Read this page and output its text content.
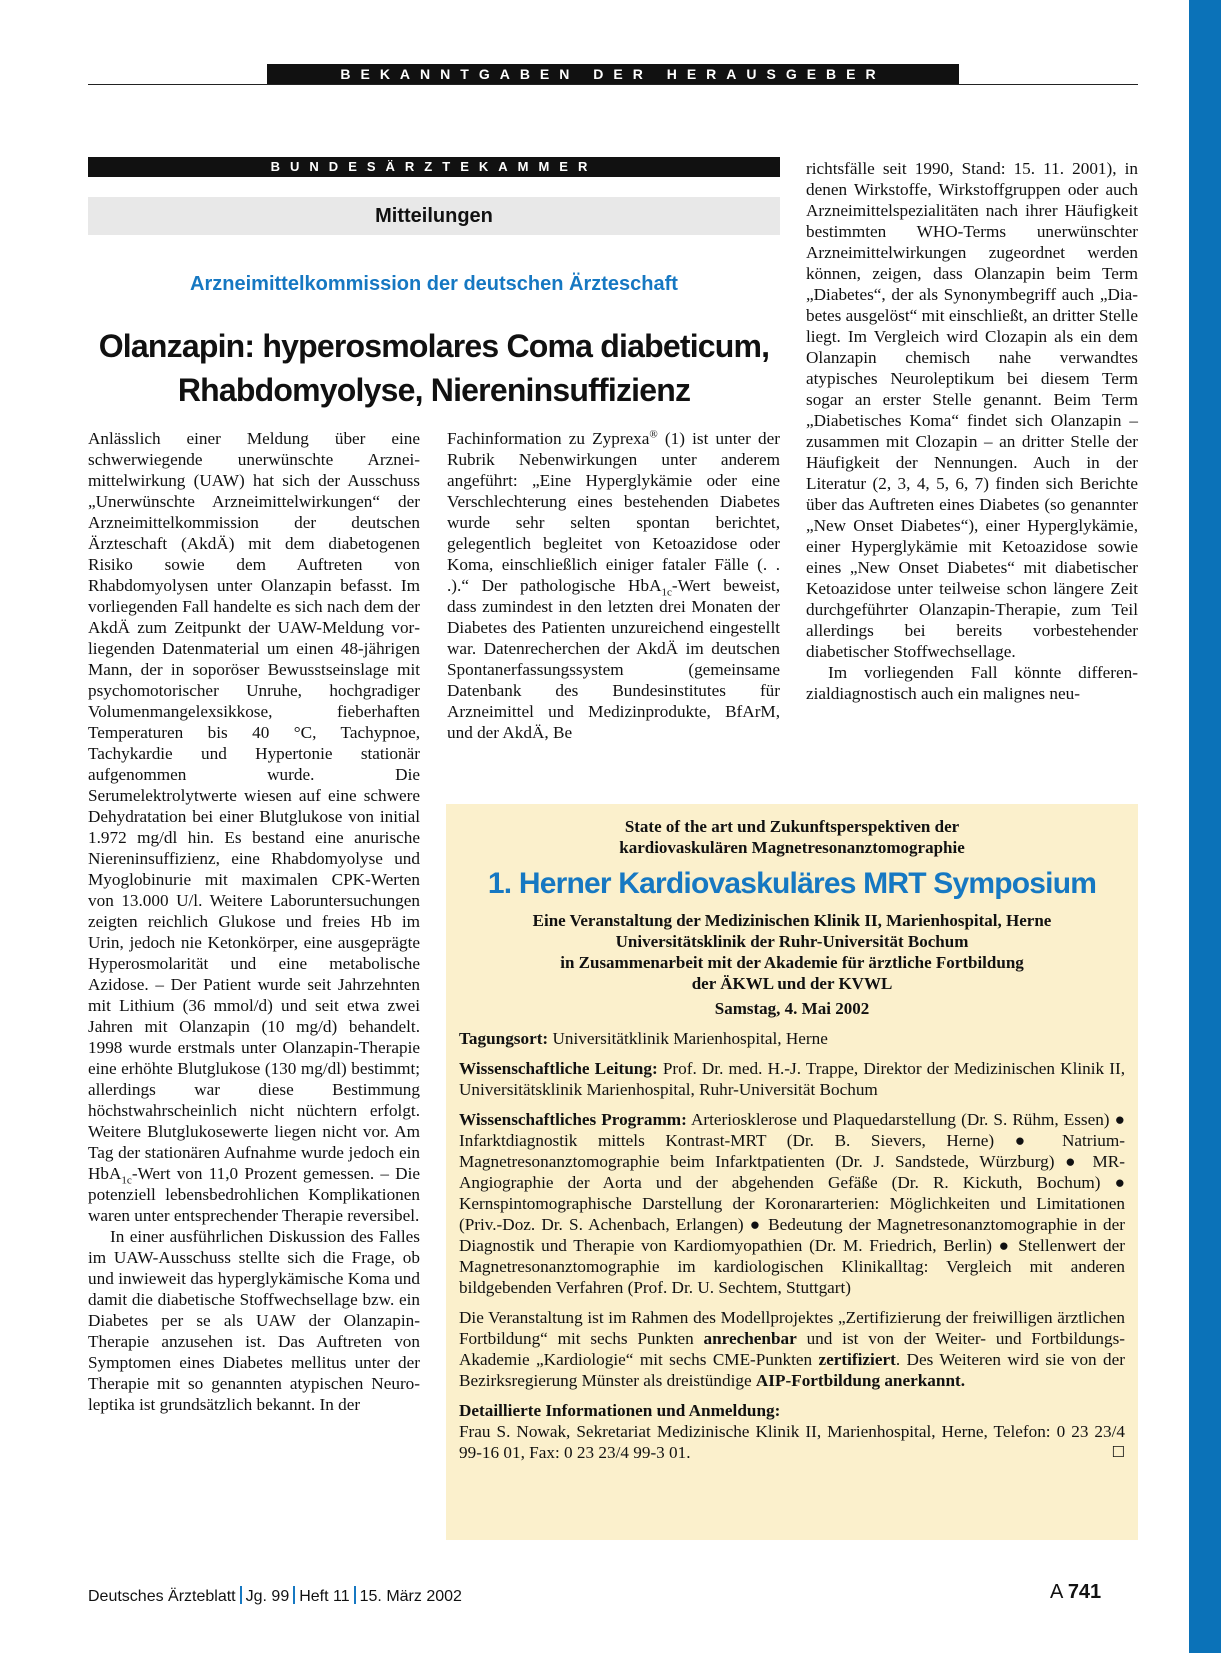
BEKANNTGABEN DER HERAUSGEBER
BUNDESÄRZTEKAMMER
Mitteilungen
Arzneimittelkommission der deutschen Ärzteschaft
Olanzapin: hyperosmolares Coma diabeticum,
Rhabdomyolyse, Niereninsuffizienz

Anlässlich einer Meldung über eine schwerwiegende unerwünschte Arzneimittelwirkung (UAW) hat sich der Ausschuss „Unerwünschte Arzneimittelwirkungen“ der Arzneimittelkommission der deutschen Ärzteschaft (AkdÄ) mit dem diabetogenen Risiko sowie dem Auftreten von Rhabdomyolysen unter Olanzapin befasst. Im vorliegenden Fall handelte es sich nach dem der AkdÄ zum Zeitpunkt der UAW-Meldung vorliegenden Datenmaterial um einen 48-jährigen Mann, der in soporöser Bewusstseinslage mit psychomotorischer Unruhe, hochgradiger Volumenmangelexsikkose, fieberhaften Temperaturen bis 40 °C, Tachypnoe, Tachykardie und Hypertonie stationär aufgenommen wurde. Die Serumelektrolytwerte wiesen auf eine schwere Dehydratation bei einer Blutglukose von initial 1.972 mg/dl hin. Es bestand eine anurische Niereninsuffizienz, eine Rhabdomyolyse und Myoglobinurie mit maximalen CPK-Werten von 13.000 U/l. Weitere Laboruntersuchungen zeigten reichlich Glukose und freies Hb im Urin, jedoch nie Ketonkörper, eine ausgeprägte Hyperosmolarität und eine metabolische Azidose. – Der Patient wurde seit Jahrzehnten mit Lithium (36 mmol/d) und seit etwa zwei Jahren mit Olanzapin (10 mg/d) behandelt. 1998 wurde erstmals unter Olanzapin-Therapie eine erhöhte Blutglukose (130 mg/dl) bestimmt; allerdings war diese Bestimmung höchstwahrscheinlich nicht nüchtern erfolgt. Weitere Blutglukosewerte liegen nicht vor. Am Tag der stationären Aufnahme wurde jedoch ein HbA$_{1c}$-Wert von 11,0 Prozent gemessen. – Die potenziell lebensbedrohlichen Komplikationen waren unter entsprechender Therapie reversibel.

In einer ausführlichen Diskussion des Falles im UAW-Ausschuss stellte sich die Frage, ob und inwieweit das hyperglykämische Koma und damit die diabetische Stoffwechsellage bzw. ein Diabetes per se als UAW der Olanzapin-Therapie anzusehen ist. Das Auftreten von Symptomen eines Diabetes mellitus unter der Therapie mit so genannten atypischen Neuroleptika ist grundsätzlich bekannt. In der

Fachinformation zu Zyprexa® (1) ist unter der Rubrik Nebenwirkungen unter anderem angeführt: „Eine Hyperglykämie oder eine Verschlechterung eines bestehenden Diabetes wurde sehr selten spontan berichtet, gelegentlich begleitet von Ketoazidose oder Koma, einschließlich einiger fataler Fälle (. . .).“ Der pathologische HbA$_{1c}$-Wert beweist, dass zumindest in den letzten drei Monaten der Diabetes des Patienten unzureichend eingestellt war. Datenrecherchen der AkdÄ im deutschen Spontanerfassungssystem (gemeinsame Datenbank des Bundesinstitutes für Arzneimittel und Medizinprodukte, BfArM, und der AkdÄ, Be

richtsfälle seit 1990, Stand: 15. 11. 2001), in denen Wirkstoffe, Wirkstoffgruppen oder auch Arzneimittelspezialitäten nach ihrer Häufigkeit bestimmten WHO-Terms unerwünschter Arzneimittelwirkungen zugeordnet werden können, zeigen, dass Olanzapin beim Term „Diabetes“, der als Synonymbegriff auch „Diabetes ausgelöst“ mit einschließt, an dritter Stelle liegt. Im Vergleich wird Clozapin als ein dem Olanzapin chemisch nahe verwandtes atypisches Neuroleptikum bei diesem Term sogar an erster Stelle genannt. Beim Term „Diabetisches Koma“ findet sich Olanzapin – zusammen mit Clozapin – an dritter Stelle der Häufigkeit der Nennungen. Auch in der Literatur (2, 3, 4, 5, 6, 7) finden sich Berichte über das Auftreten eines Diabetes (so genannter „New Onset Diabetes“), einer Hyperglykämie, einer Hyperglykämie mit Ketoazidose sowie eines „New Onset Diabetes“ mit diabetischer Ketoazidose unter teilweise schon längere Zeit durchgeführter Olanzapin-Therapie, zum Teil allerdings bei bereits vorbestehender diabetischer Stoffwechsellage.

Im vorliegenden Fall könnte differenzialdiagnostisch auch ein malignes neu-

State of the art und Zukunftsperspektiven der
kardiovaskulären Magnetresonanztomographie
1. Herner Kardiovaskuläres MRT Symposium
Eine Veranstaltung der Medizinischen Klinik II, Marienhospital, Herne
Universitätsklinik der Ruhr-Universität Bochum
in Zusammenarbeit mit der Akademie für ärztliche Fortbildung
der ÄKWL und der KVWL
Samstag, 4. Mai 2002
Tagungsort: Universitätklinik Marienhospital, Herne
Wissenschaftliche Leitung: Prof. Dr. med. H.-J. Trappe, Direktor der Medizinischen Klinik II, Universitätsklinik Marienhospital, Ruhr-Universität Bochum
Wissenschaftliches Programm: Arteriosklerose und Plaquedarstellung (Dr. S. Rühm, Essen) ● Infarktdiagnostik mittels Kontrast-MRT (Dr. B. Sievers, Herne) ● Natrium-Magnetresonanztomographie beim Infarktpatienten (Dr. J. Sandstede, Würzburg) ● MR-Angiographie der Aorta und der abgehenden Gefäße (Dr. R. Kickuth, Bochum) ● Kernspintomographische Darstellung der Koronararterien: Möglichkeiten und Limitationen (Priv.-Doz. Dr. S. Achenbach, Erlangen) ● Bedeutung der Magnetresonanztomographie in der Diagnostik und Therapie von Kardiomyopathien (Dr. M. Friedrich, Berlin) ● Stellenwert der Magnetresonanztomographie im kardiologischen Klinikalltag: Vergleich mit anderen bildgebenden Verfahren (Prof. Dr. U. Sechtem, Stuttgart)
Die Veranstaltung ist im Rahmen des Modellprojektes „Zertifizierung der freiwilligen ärztlichen Fortbildung“ mit sechs Punkten anrechenbar und ist von der Weiter- und Fortbildungs-Akademie „Kardiologie“ mit sechs CME-Punkten zertifiziert. Des Weiteren wird sie von der Bezirksregierung Münster als dreistündige AIP-Fortbildung anerkannt.
Detaillierte Informationen und Anmeldung:
Frau S. Nowak, Sekretariat Medizinische Klinik II, Marienhospital, Herne, Telefon: 0 23 23/4 99-16 01, Fax: 0 23 23/4 99-3 01.	☐
Deutsches Ärzteblatt Jg. 99 Heft 11 15. März 2002	A 741
